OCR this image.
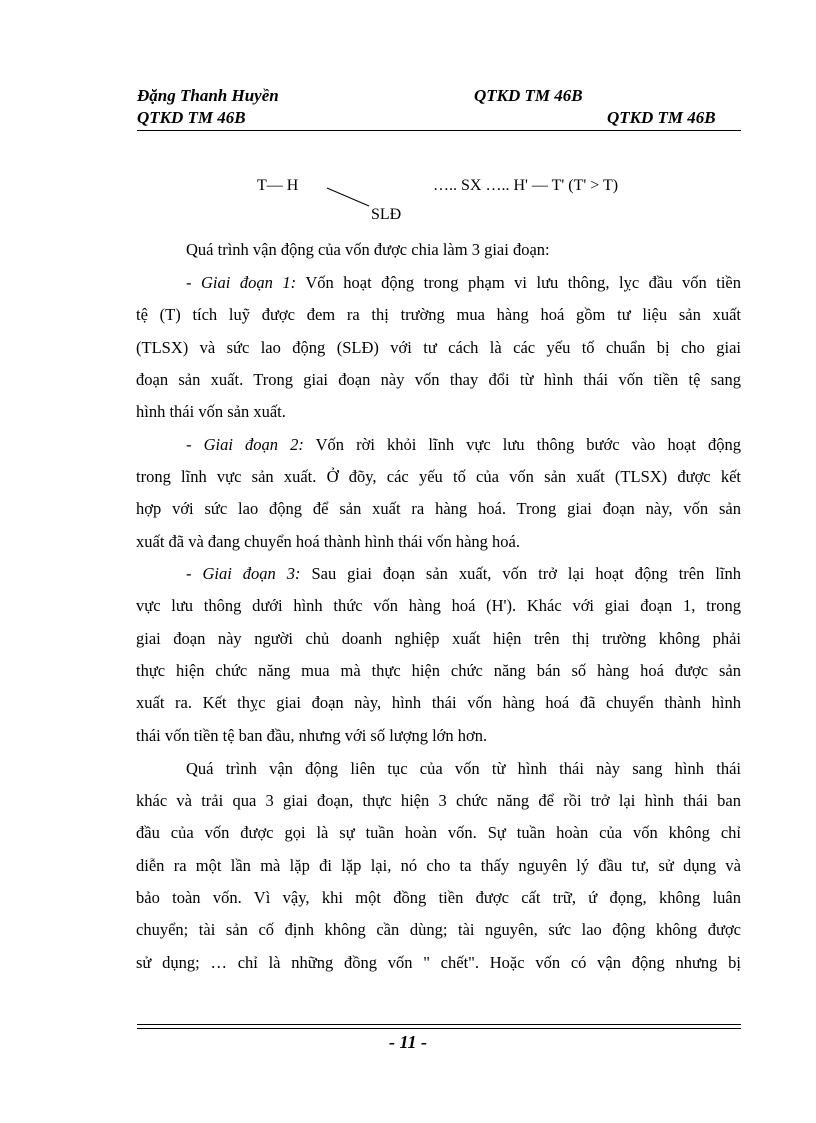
Đặng Thanh Huyền	QTKD TM 46B
QTKD TM 46B	QTKD TM 46B
T— H	….. SX ….. H' — T' (T' > T)
SLĐ
Quá trình vận động của vốn được chia làm 3 giai đoạn:
- Giai đoạn 1: Vốn hoạt động trong phạm vi lưu thông, lỵc đầu vốn tiền
tệ (T) tích luỹ được đem ra thị trường mua hàng hoá gồm tư liệu sản xuất
(TLSX) và sức lao động (SLĐ) với tư cách là các yếu tố chuẩn bị cho giai
đoạn sản xuất. Trong giai đoạn này vốn thay đổi từ hình thái vốn tiền tệ sang
hình thái vốn sản xuất.
- Giai đoạn 2: Vốn rời khỏi lĩnh vực lưu thông bước vào hoạt động
trong lĩnh vực sản xuất. Ở đõy, các yếu tố của vốn sản xuất (TLSX) được kết
hợp với sức lao động để sản xuất ra hàng hoá. Trong giai đoạn này, vốn sản
xuất đã và đang chuyển hoá thành hình thái vốn hàng hoá.
- Giai đoạn 3: Sau giai đoạn sản xuất, vốn trở lại hoạt động trên lĩnh
vực lưu thông dưới hình thức vốn hàng hoá (H'). Khác với giai đoạn 1, trong
giai đoạn này người chủ doanh nghiệp xuất hiện trên thị trường không phải
thực hiện chức năng mua mà thực hiện chức năng bán số hàng hoá được sản
xuất ra. Kết thỵc giai đoạn này, hình thái vốn hàng hoá đã chuyển thành hình
thái vốn tiền tệ ban đầu, nhưng với số lượng lớn hơn.
Quá trình vận động liên tục của vốn từ hình thái này sang hình thái
khác và trải qua 3 giai đoạn, thực hiện 3 chức năng để rồi trở lại hình thái ban
đầu của vốn được gọi là sự tuần hoàn vốn. Sự tuần hoàn của vốn không chỉ
diễn ra một lần mà lặp đi lặp lại, nó cho ta thấy nguyên lý đầu tư, sử dụng và
bảo toàn vốn. Vì vậy, khi một đồng tiền được cất trữ, ứ đọng, không luân
chuyển; tài sản cố định không cần dùng; tài nguyên, sức lao động không được
sử dụng; … chỉ là những đồng vốn " chết". Hoặc vốn có vận động nhưng bị
- 11 -
